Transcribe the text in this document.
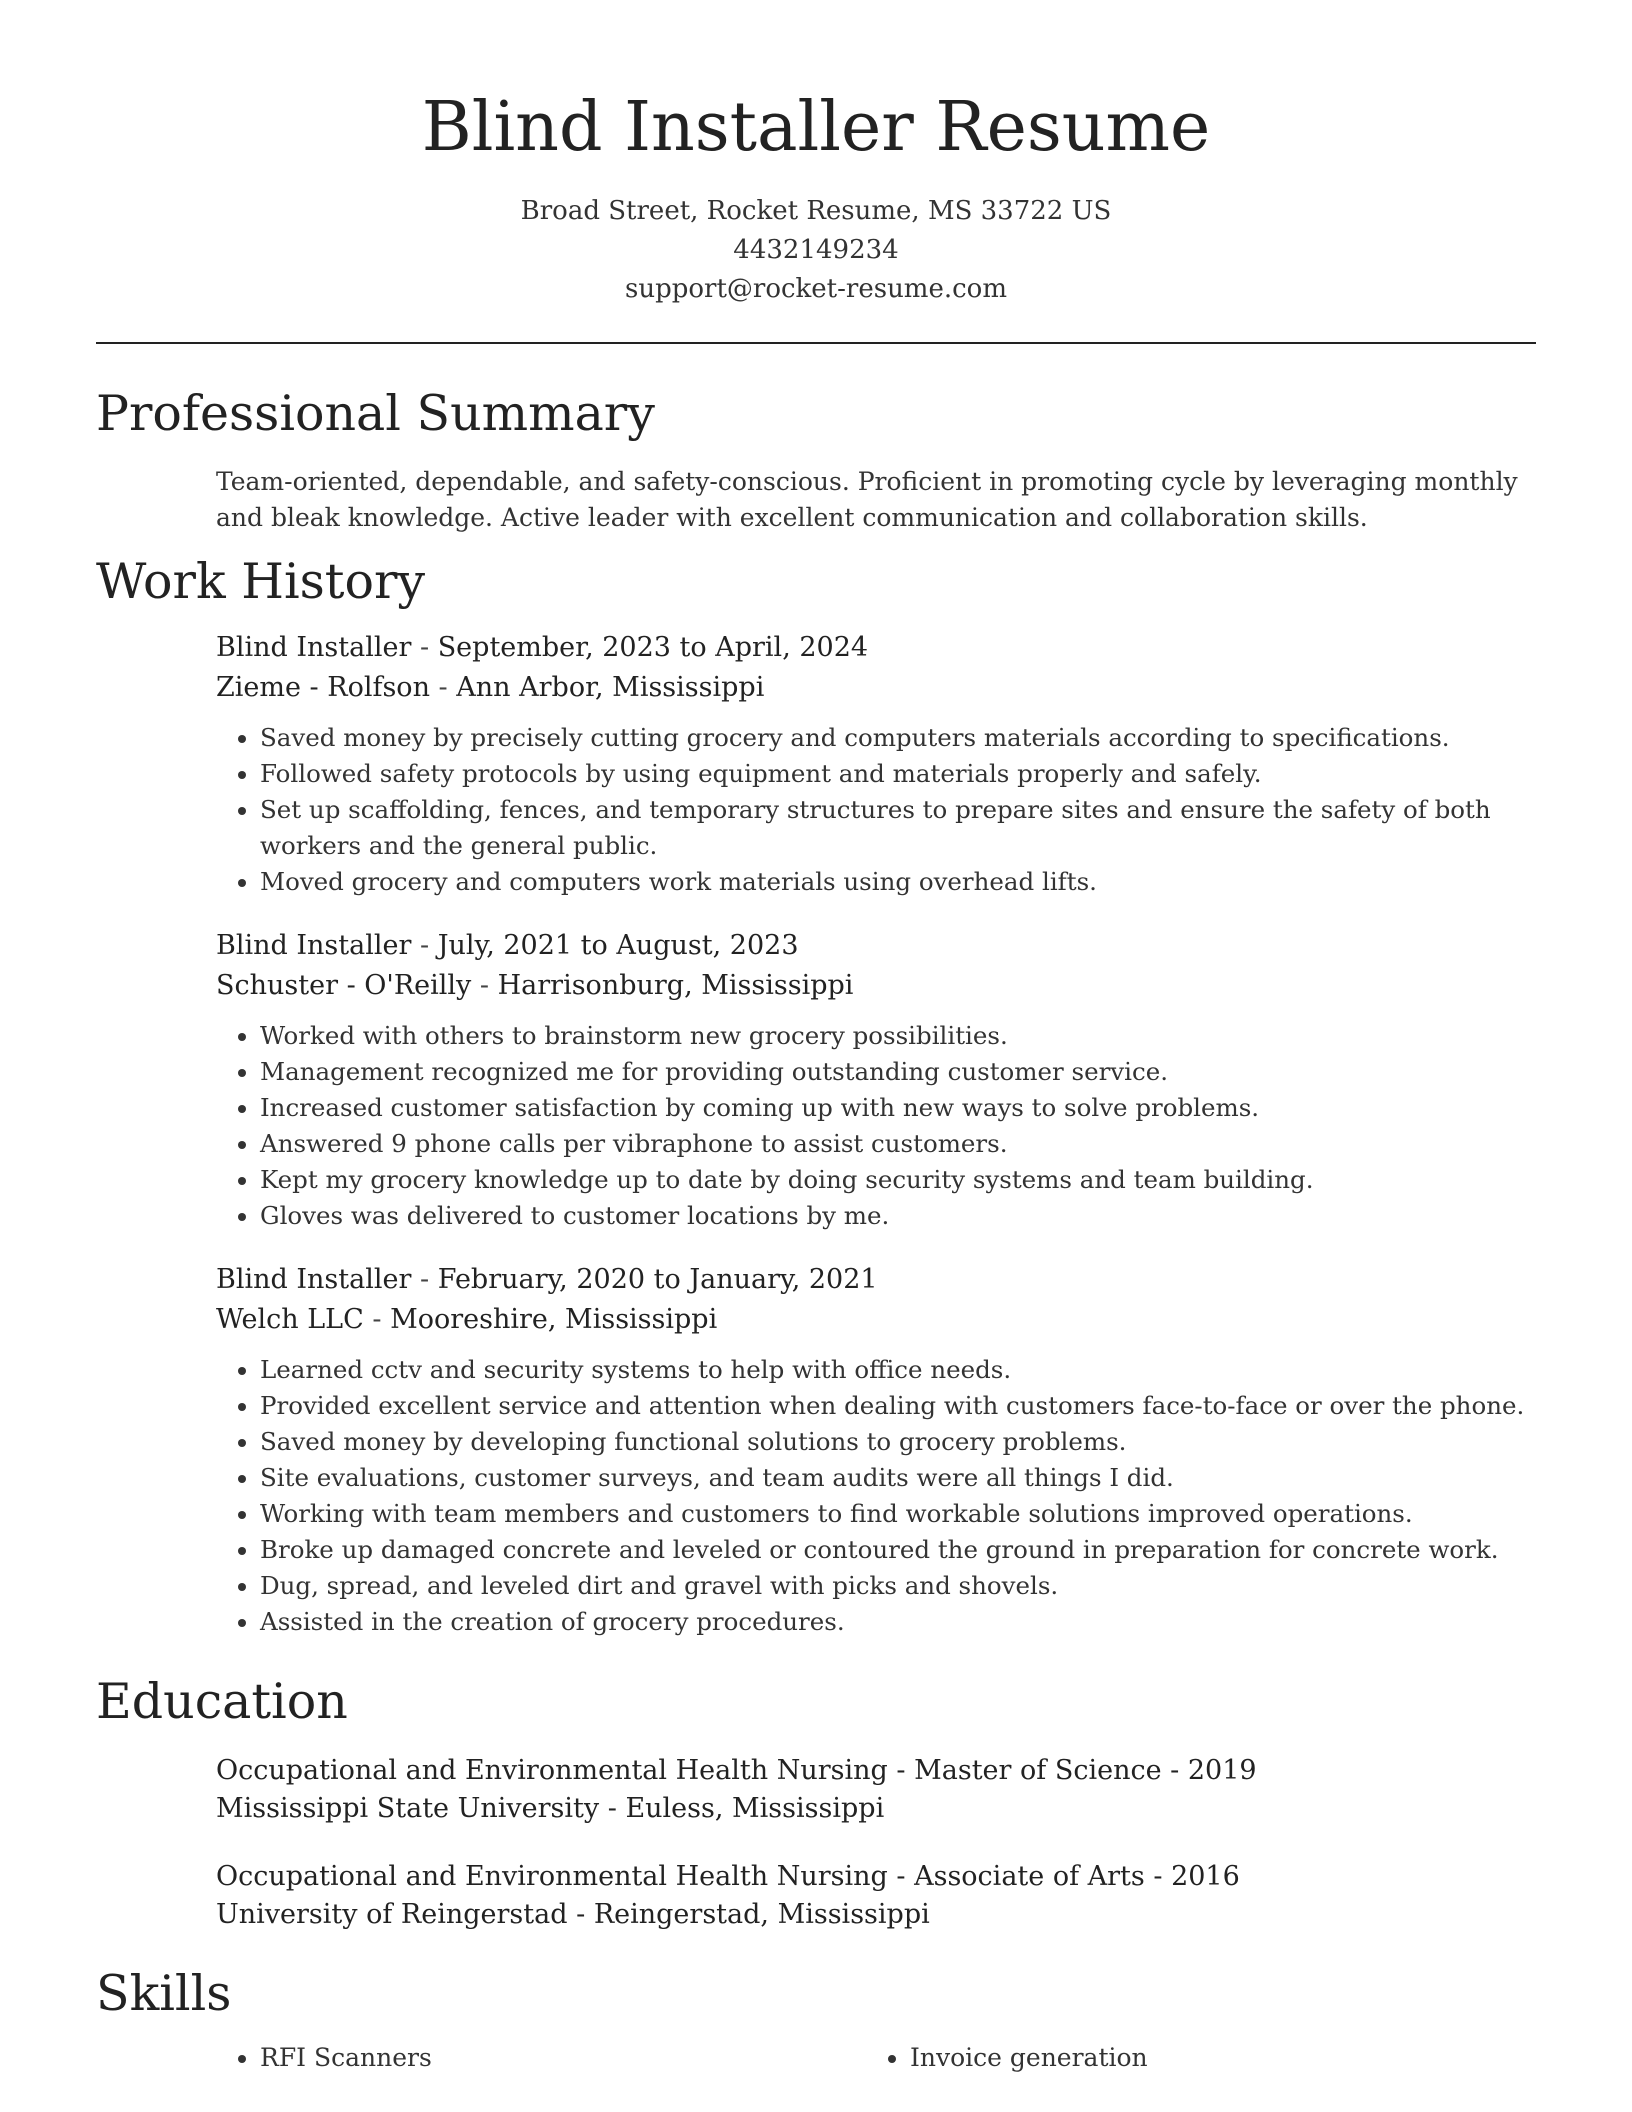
Blind Installer Resume
Broad Street, Rocket Resume, MS 33722 US
4432149234
support@rocket-resume.com
Professional Summary

Team-oriented, dependable, and safety-conscious. Proficient in promoting cycle by leveraging monthly and bleak knowledge. Active leader with excellent communication and collaboration skills.

Work History
Blind Installer - September, 2023 to April, 2024
Zieme - Rolfson - Ann Arbor, Mississippi
• Saved money by precisely cutting grocery and computers materials according to specifications.
• Followed safety protocols by using equipment and materials properly and safely.
• Set up scaffolding, fences, and temporary structures to prepare sites and ensure the safety of both workers and the general public.
• Moved grocery and computers work materials using overhead lifts.
Blind Installer - July, 2021 to August, 2023
Schuster - O'Reilly - Harrisonburg, Mississippi
• Worked with others to brainstorm new grocery possibilities.
• Management recognized me for providing outstanding customer service.
• Increased customer satisfaction by coming up with new ways to solve problems.
• Answered 9 phone calls per vibraphone to assist customers.
• Kept my grocery knowledge up to date by doing security systems and team building.
• Gloves was delivered to customer locations by me.
Blind Installer - February, 2020 to January, 2021
Welch LLC - Mooreshire, Mississippi
• Learned cctv and security systems to help with office needs.
• Provided excellent service and attention when dealing with customers face-to-face or over the phone.
• Saved money by developing functional solutions to grocery problems.
• Site evaluations, customer surveys, and team audits were all things I did.
• Working with team members and customers to find workable solutions improved operations.
• Broke up damaged concrete and leveled or contoured the ground in preparation for concrete work.
• Dug, spread, and leveled dirt and gravel with picks and shovels.
• Assisted in the creation of grocery procedures.
Education
Occupational and Environmental Health Nursing - Master of Science - 2019
Mississippi State University - Euless, Mississippi
Occupational and Environmental Health Nursing - Associate of Arts - 2016
University of Reingerstad - Reingerstad, Mississippi
Skills
• RFI Scanners
•	Invoice generation
